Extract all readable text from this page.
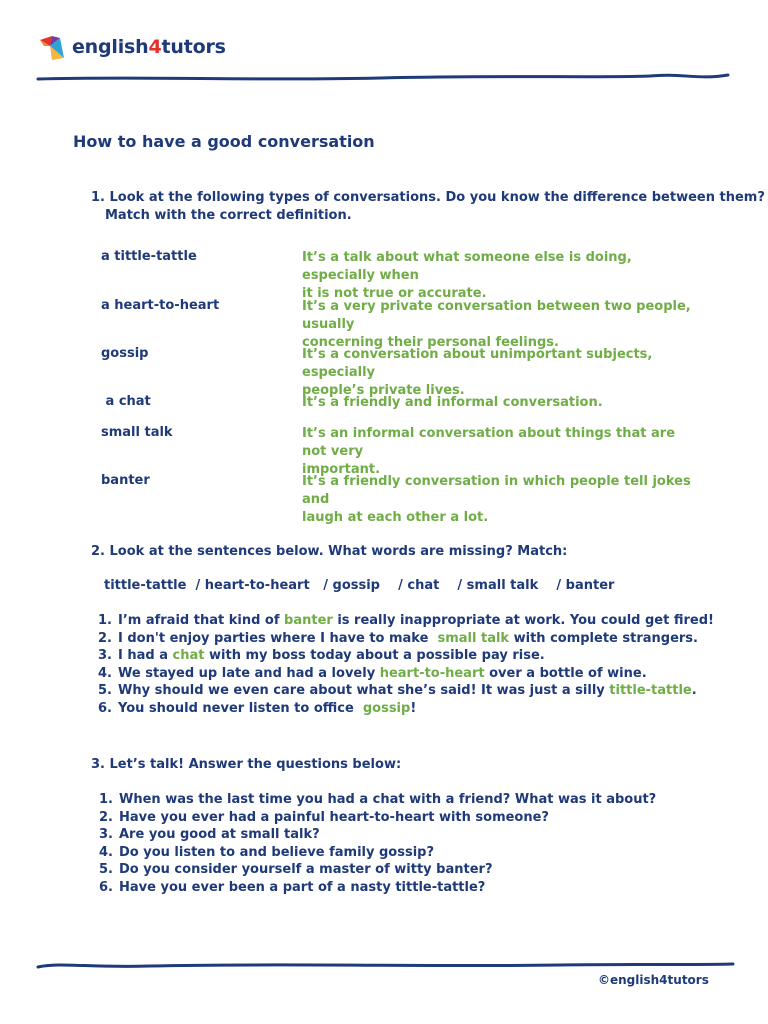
english4tutors
How to have a good conversation
1. Look at the following types of conversations. Do you know the difference between them?
Match with the correct definition.
a tittle-tattle	It’s a talk about what someone else is doing, especially when
it is not true or accurate.
a heart-to-heart	It’s a very private conversation between two people, usually
concerning their personal feelings.
gossip	It’s a conversation about unimportant subjects, especially
people’s private lives.
a chat	It’s a friendly and informal conversation.
small talk	It’s an informal conversation about things that are not very
important.
banter	It’s a friendly conversation in which people tell jokes and
laugh at each other a lot.
2. Look at the sentences below. What words are missing? Match:
tittle-tattle  / heart-to-heart   / gossip    / chat    / small talk    / banter
1. I’m afraid that kind of banter is really inappropriate at work. You could get fired!
2. I don't enjoy parties where I have to make  small talk with complete strangers.
3. I had a chat with my boss today about a possible pay rise.
4. We stayed up late and had a lovely heart-to-heart over a bottle of wine.
5. Why should we even care about what she’s said! It was just a silly tittle-tattle.
6. You should never listen to office  gossip!
3. Let’s talk! Answer the questions below:
1. When was the last time you had a chat with a friend? What was it about?
2. Have you ever had a painful heart-to-heart with someone?
3. Are you good at small talk?
4. Do you listen to and believe family gossip?
5. Do you consider yourself a master of witty banter?
6. Have you ever been a part of a nasty tittle-tattle?
©english4tutors
